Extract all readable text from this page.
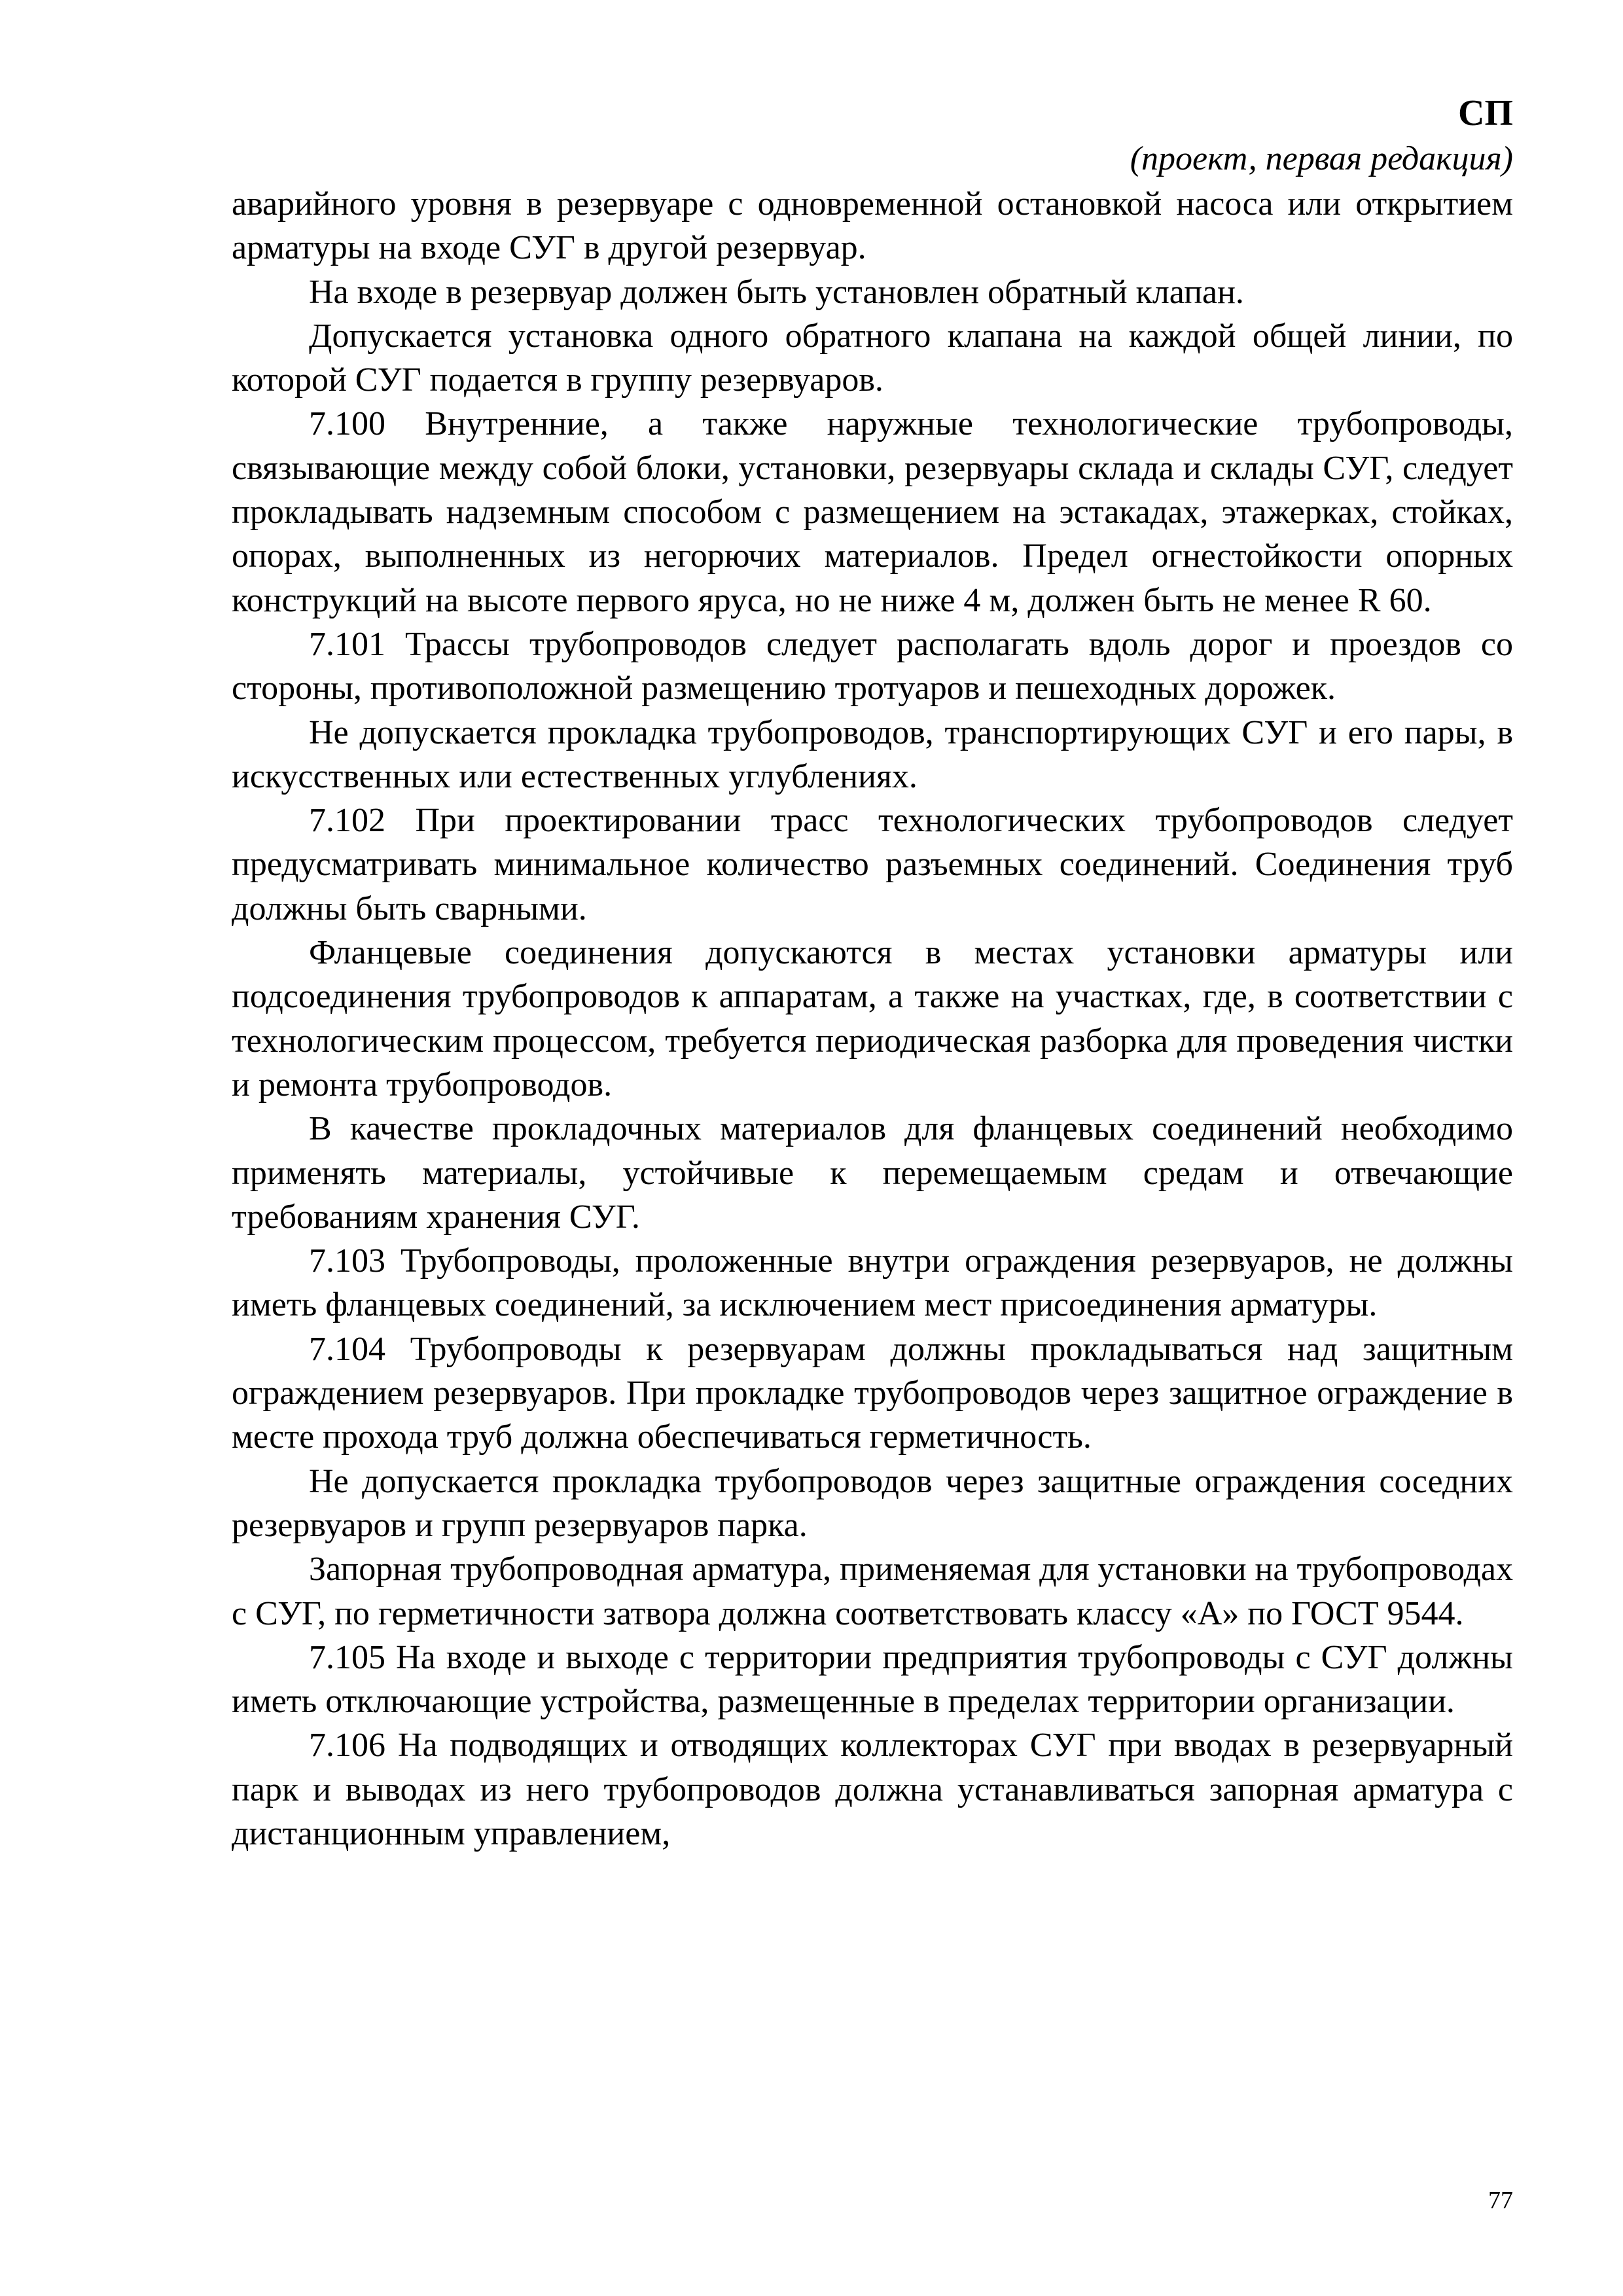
СП
(проект, первая редакция)

аварийного уровня в резервуаре с одновременной остановкой насоса или открытием арматуры на входе СУГ в другой резервуар.

На входе в резервуар должен быть установлен обратный клапан.

Допускается установка одного обратного клапана на каждой общей линии, по которой СУГ подается в группу резервуаров.

7.100 Внутренние, а также наружные технологические трубопроводы, связывающие между собой блоки, установки, резервуары склада и склады СУГ, следует прокладывать надземным способом с размещением на эстакадах, этажерках, стойках, опорах, выполненных из негорючих материалов. Предел огнестойкости опорных конструкций на высоте первого яруса, но не ниже 4 м, должен быть не менее R 60.

7.101 Трассы трубопроводов следует располагать вдоль дорог и проездов со стороны, противоположной размещению тротуаров и пешеходных дорожек.

Не допускается прокладка трубопроводов, транспортирующих СУГ и его пары, в искусственных или естественных углублениях.

7.102 При проектировании трасс технологических трубопроводов следует предусматривать минимальное количество разъемных соединений. Соединения труб должны быть сварными.

Фланцевые соединения допускаются в местах установки арматуры или подсоединения трубопроводов к аппаратам, а также на участках, где, в соответствии с технологическим процессом, требуется периодическая разборка для проведения чистки и ремонта трубопроводов.

В качестве прокладочных материалов для фланцевых соединений необходимо применять материалы, устойчивые к перемещаемым средам и отвечающие требованиям хранения СУГ.

7.103 Трубопроводы, проложенные внутри ограждения резервуаров, не должны иметь фланцевых соединений, за исключением мест присоединения арматуры.

7.104 Трубопроводы к резервуарам должны прокладываться над защитным ограждением резервуаров. При прокладке трубопроводов через защитное ограждение в месте прохода труб должна обеспечиваться герметичность.

Не допускается прокладка трубопроводов через защитные ограждения соседних резервуаров и групп резервуаров парка.

Запорная трубопроводная арматура, применяемая для установки на трубопроводах с СУГ, по герметичности затвора должна соответствовать классу «А» по ГОСТ 9544.

7.105 На входе и выходе с территории предприятия трубопроводы с СУГ должны иметь отключающие устройства, размещенные в пределах территории организации.

7.106 На подводящих и отводящих коллекторах СУГ при вводах в резервуарный парк и выводах из него трубопроводов должна устанавливаться запорная арматура с дистанционным управлением,

77
